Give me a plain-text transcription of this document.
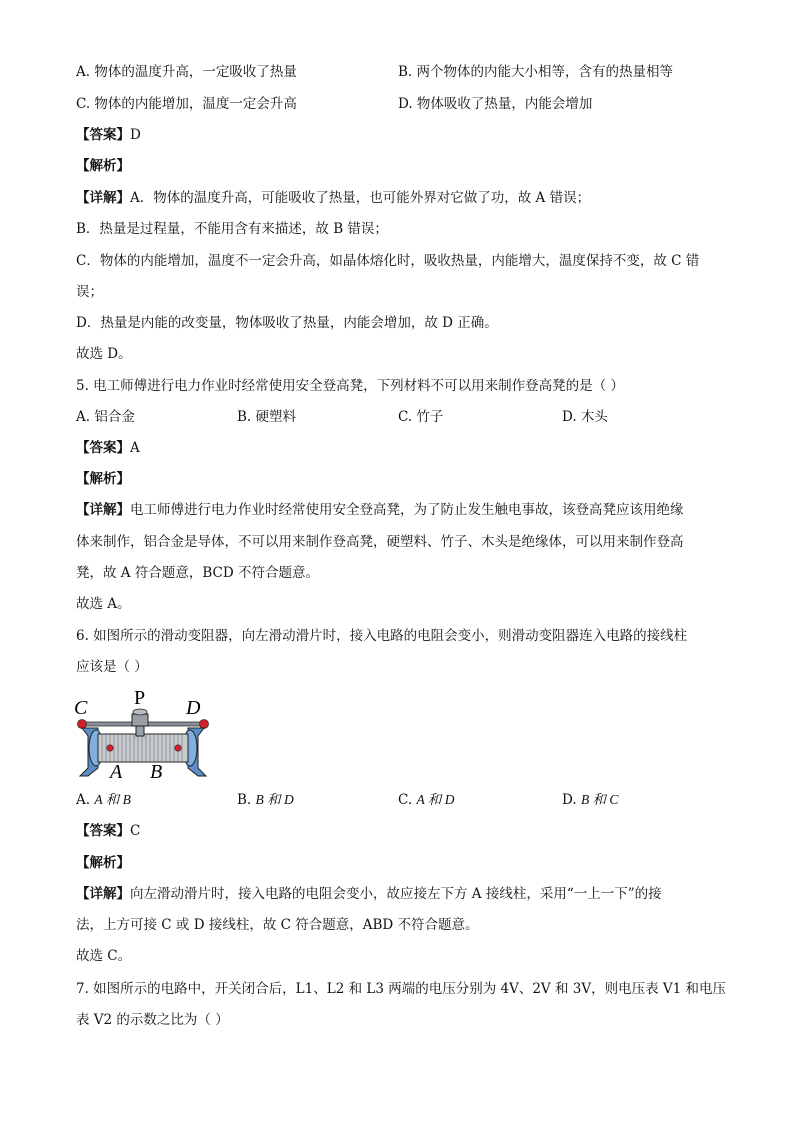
A. 物体的温度升高，一定吸收了热量	B. 两个物体的内能大小相等，含有的热量相等
C. 物体的内能增加，温度一定会升高	D. 物体吸收了热量，内能会增加
【答案】D
【解析】
【详解】A．物体的温度升高，可能吸收了热量，也可能外界对它做了功，故 A 错误；
B．热量是过程量，不能用含有来描述，故 B 错误；
C．物体的内能增加，温度不一定会升高，如晶体熔化时，吸收热量，内能增大，温度保持不变，故 C 错
误；
D．热量是内能的改变量，物体吸收了热量，内能会增加，故 D 正确。
故选 D。
5. 电工师傅进行电力作业时经常使用安全登高凳，下列材料不可以用来制作登高凳的是（ ）
A. 铝合金	B. 硬塑料	C. 竹子	D. 木头
【答案】A
【解析】
【详解】电工师傅进行电力作业时经常使用安全登高凳，为了防止发生触电事故，该登高凳应该用绝缘
体来制作，铝合金是导体，不可以用来制作登高凳，硬塑料、竹子、木头是绝缘体，可以用来制作登高
凳，故 A 符合题意，BCD 不符合题意。
故选 A。
6. 如图所示的滑动变阻器，向左滑动滑片时，接入电路的电阻会变小，则滑动变阻器连入电路的接线柱
应该是（ ）
C P D
A B
A. A 和 B	B. B 和 D	C. A 和 D	D. B 和 C
【答案】C
【解析】
【详解】向左滑动滑片时，接入电路的电阻会变小，故应接左下方 A 接线柱，采用“一上一下”的接
法，上方可接 C 或 D 接线柱，故 C 符合题意，ABD 不符合题意。
故选 C。
7. 如图所示的电路中，开关闭合后，L1、L2 和 L3 两端的电压分别为 4V、2V 和 3V，则电压表 V1 和电压
表 V2 的示数之比为（ ）
